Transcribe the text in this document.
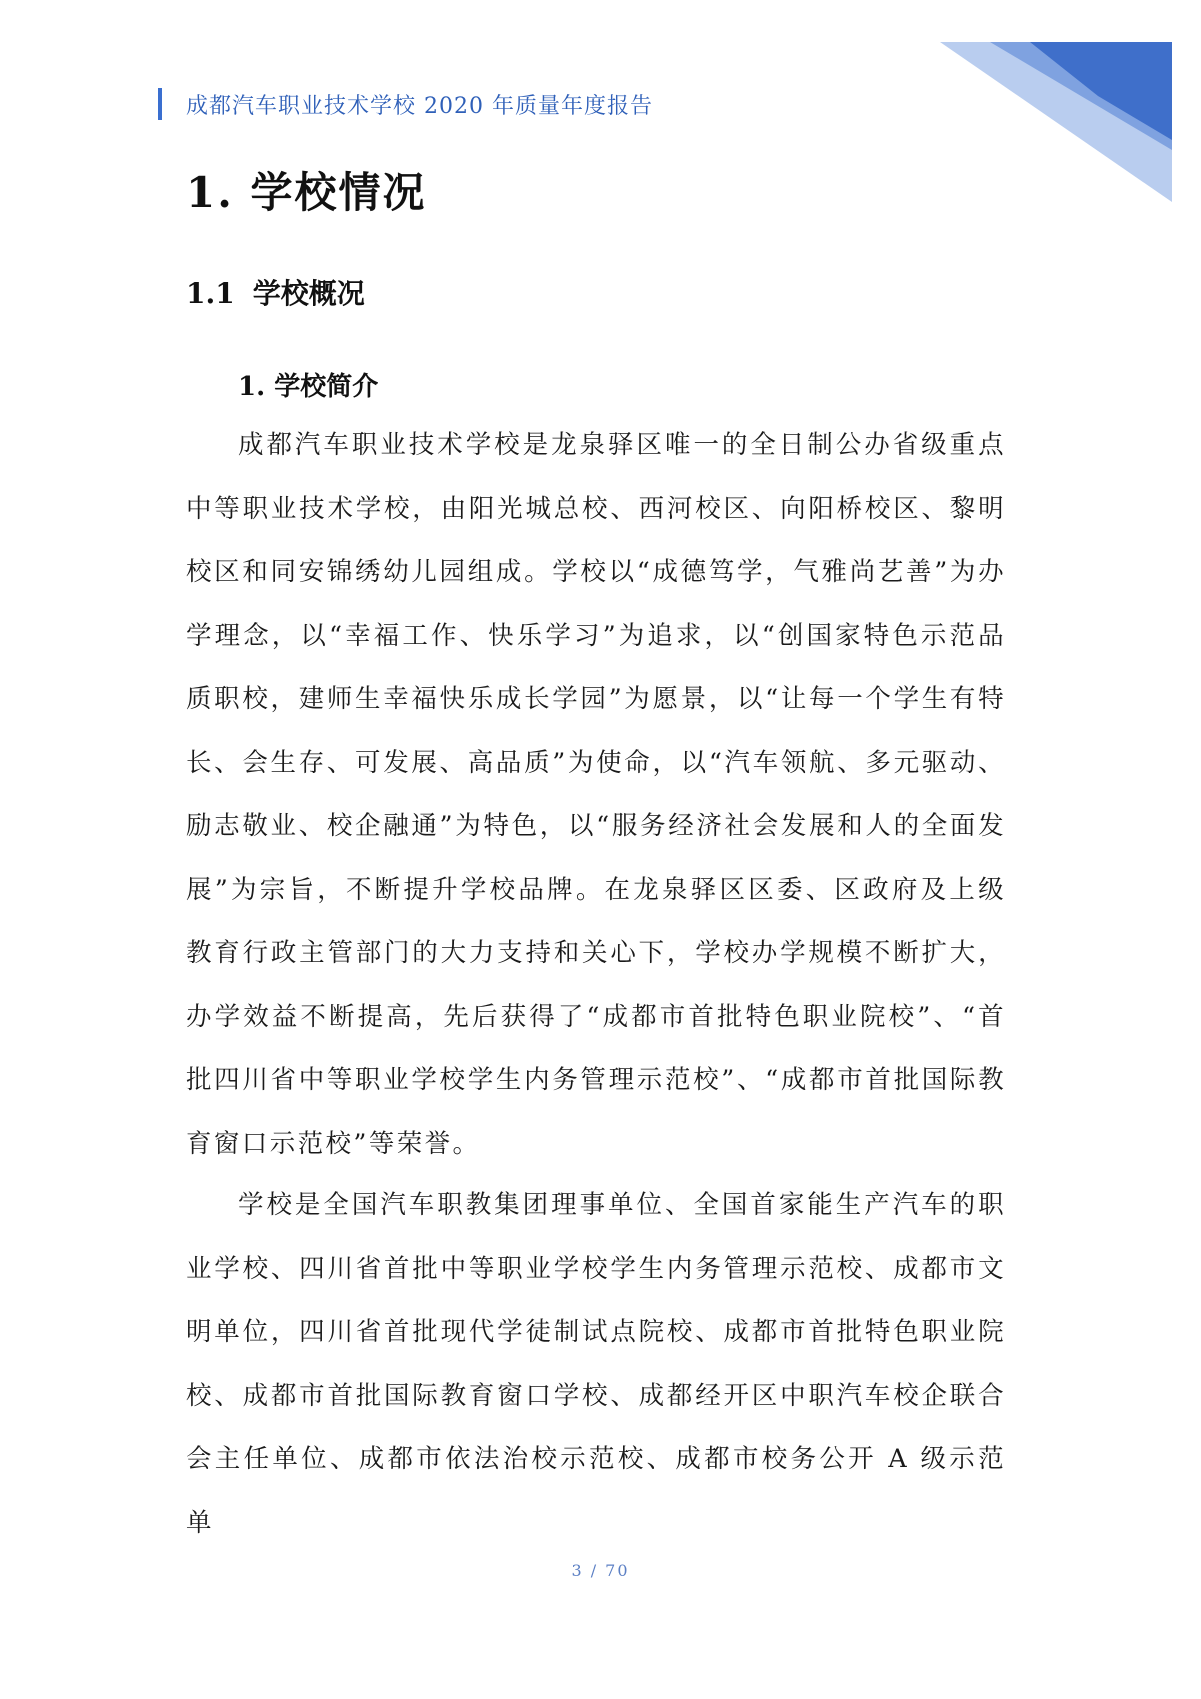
成都汽车职业技术学校 2020 年质量年度报告
1. 学校情况
1.1 学校概况
1. 学校简介

成都汽车职业技术学校是龙泉驿区唯一的全日制公办省级重点中等职业技术学校，由阳光城总校、西河校区、向阳桥校区、黎明校区和同安锦绣幼儿园组成。学校以“成德笃学，气雅尚艺善”为办学理念，以“幸福工作、快乐学习”为追求，以“创国家特色示范品质职校，建师生幸福快乐成长学园”为愿景，以“让每一个学生有特长、会生存、可发展、高品质”为使命，以“汽车领航、多元驱动、励志敬业、校企融通”为特色，以“服务经济社会发展和人的全面发展”为宗旨，不断提升学校品牌。在龙泉驿区区委、区政府及上级教育行政主管部门的大力支持和关心下，学校办学规模不断扩大，办学效益不断提高，先后获得了“成都市首批特色职业院校”、“首批四川省中等职业学校学生内务管理示范校”、“成都市首批国际教育窗口示范校”等荣誉。

学校是全国汽车职教集团理事单位、全国首家能生产汽车的职业学校、四川省首批中等职业学校学生内务管理示范校、成都市文明单位，四川省首批现代学徒制试点院校、成都市首批特色职业院校、成都市首批国际教育窗口学校、成都经开区中职汽车校企联合会主任单位、成都市依法治校示范校、成都市校务公开 A 级示范单

3 / 70
